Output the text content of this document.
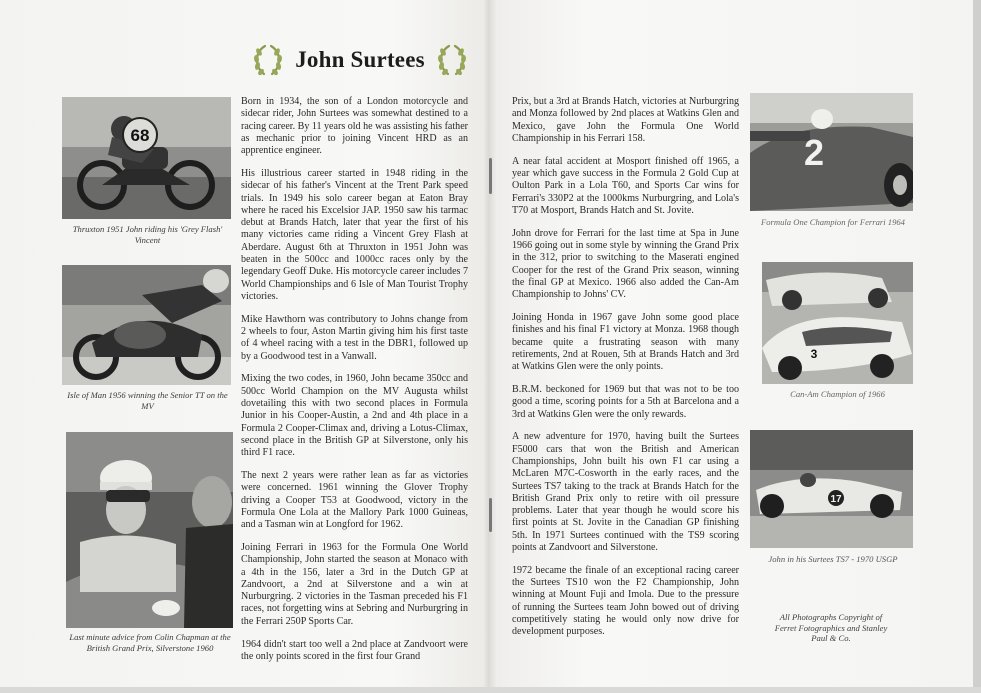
John Surtees
68
Thruxton 1951 John riding his 'Grey Flash' Vincent
Isle of Man 1956 winning the Senior TT on the MV
Last minute advice from Colin Chapman at the British Grand Prix, Silverstone 1960

Born in 1934, the son of a London motorcycle and sidecar rider, John Surtees was somewhat destined to a racing career. By 11 years old he was assisting his father as mechanic prior to joining Vincent HRD as an apprentice engineer.

His illustrious career started in 1948 riding in the sidecar of his father's Vincent at the Trent Park speed trials. In 1949 his solo career began at Eaton Bray where he raced his Excelsior JAP. 1950 saw his tarmac debut at Brands Hatch, later that year the first of his many victories came riding a Vincent Grey Flash at Aberdare. August 6th at Thruxton in 1951 John was beaten in the 500cc and 1000cc races only by the legendary Geoff Duke. His motorcycle career includes 7 World Championships and 6 Isle of Man Tourist Trophy victories.

Mike Hawthorn was contributory to Johns change from 2 wheels to four, Aston Martin giving him his first taste of 4 wheel racing with a test in the DBR1, followed up by a Goodwood test in a Vanwall.

Mixing the two codes, in 1960, John became 350cc and 500cc World Champion on the MV Augusta whilst dovetailing this with two second places in Formula Junior in his Cooper-Austin, a 2nd and 4th place in a Formula 2 Cooper-Climax and, driving a Lotus-Climax, second place in the British GP at Silverstone, only his third F1 race.

The next 2 years were rather lean as far as victories were concerned. 1961 winning the Glover Trophy driving a Cooper T53 at Goodwood, victory in the Formula One Lola at the Mallory Park 1000 Guineas, and a Tasman win at Longford for 1962.

Joining Ferrari in 1963 for the Formula One World Championship, John started the season at Monaco with a 4th in the 156, later a 3rd in the Dutch GP at Zandvoort, a 2nd at Silverstone and a win at Nurburgring. 2 victories in the Tasman preceded his F1 races, not forgetting wins at Sebring and Nurburgring in the Ferrari 250P Sports Car.

1964 didn't start too well a 2nd place at Zandvoort were the only points scored in the first four Grand

Prix, but a 3rd at Brands Hatch, victories at Nurburgring and Monza followed by 2nd places at Watkins Glen and Mexico, gave John the Formula One World Championship in his Ferrari 158.

A near fatal accident at Mosport finished off 1965, a year which gave success in the Formula 2 Gold Cup at Oulton Park in a Lola T60, and Sports Car wins for Ferrari's 330P2 at the 1000kms Nurburgring, and Lola's T70 at Mosport, Brands Hatch and St. Jovite.

John drove for Ferrari for the last time at Spa in June 1966 going out in some style by winning the Grand Prix in the 312, prior to switching to the Maserati engined Cooper for the rest of the Grand Prix season, winning the final GP at Mexico. 1966 also added the Can-Am Championship to Johns' CV.

Joining Honda in 1967 gave John some good place finishes and his final F1 victory at Monza. 1968 though became quite a frustrating season with many retirements, 2nd at Rouen, 5th at Brands Hatch and 3rd at Watkins Glen were the only points.

B.R.M. beckoned for 1969 but that was not to be too good a time, scoring points for a 5th at Barcelona and a 3rd at Watkins Glen were the only rewards.

A new adventure for 1970, having built the Surtees F5000 cars that won the British and American Championships, John built his own F1 car using a McLaren M7C-Cosworth in the early races, and the Surtees TS7 taking to the track at Brands Hatch for the British Grand Prix only to retire with oil pressure problems. Later that year though he would score his first points at St. Jovite in the Canadian GP finishing 5th. In 1971 Surtees continued with the TS9 scoring points at Zandvoort and Silverstone.

1972 became the finale of an exceptional racing career the Surtees TS10 won the F2 Championship, John winning at Mount Fuji and Imola. Due to the pressure of running the Surtees team John bowed out of driving competitively stating he would only now drive for development purposes.

2
Formula One Champion for Ferrari 1964
3
Can-Am Champion of 1966
17
John in his Surtees TS7 - 1970 USGP
All Photographs Copyright of Ferret Fotographics and Stanley Paul & Co.
